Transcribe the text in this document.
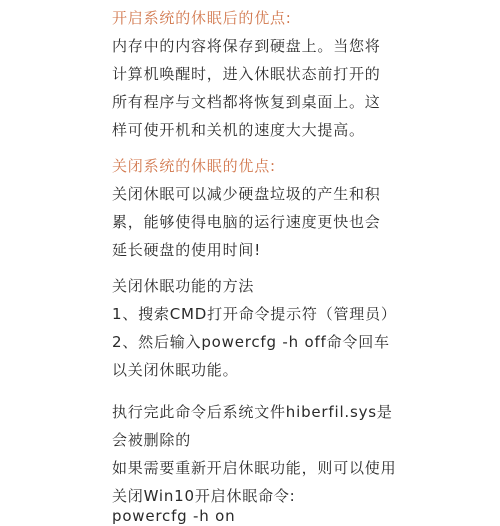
开启系统的休眠后的优点:
内存中的内容将保存到硬盘上。当您将
计算机唤醒时，进入休眠状态前打开的
所有程序与文档都将恢复到桌面上。这
样可使开机和关机的速度大大提高。
关闭系统的休眠的优点:
关闭休眠可以减少硬盘垃圾的产生和积
累，能够使得电脑的运行速度更快也会
延长硬盘的使用时间!
关闭休眠功能的方法
1、搜索CMD打开命令提示符（管理员）
2、然后输入powercfg -h off命令回车
以关闭休眠功能。
执行完此命令后系统文件hiberfil.sys是
会被删除的
如果需要重新开启休眠功能，则可以使用
关闭Win10开启休眠命令:
powercfg -h on
